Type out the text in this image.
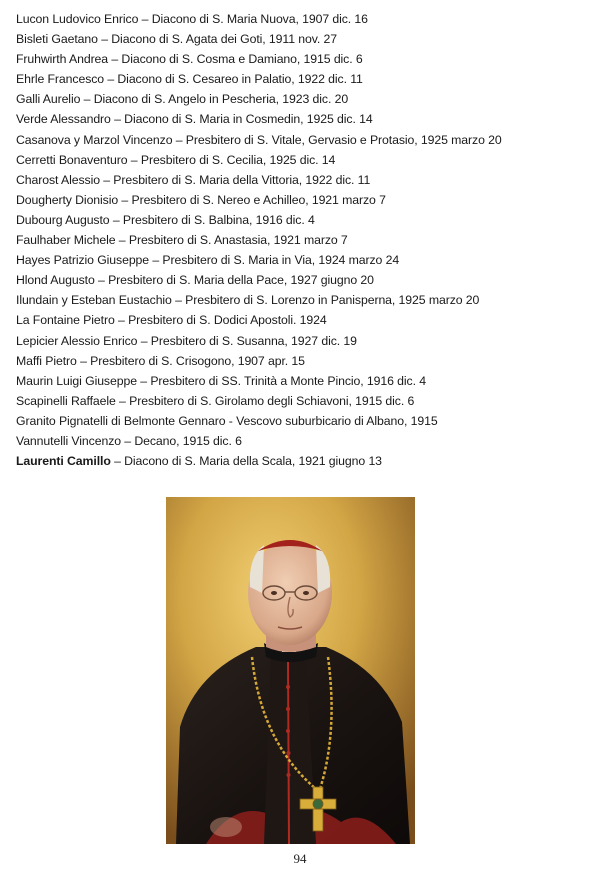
Lucon Ludovico Enrico – Diacono di S. Maria Nuova, 1907 dic. 16
Bisleti Gaetano – Diacono di S. Agata dei Goti, 1911 nov. 27
Fruhwirth Andrea – Diacono di S. Cosma e Damiano, 1915 dic. 6
Ehrle Francesco – Diacono di S. Cesareo in Palatio, 1922 dic. 11
Galli Aurelio – Diacono di S. Angelo in Pescheria, 1923 dic. 20
Verde Alessandro – Diacono di S. Maria in Cosmedin, 1925 dic. 14
Casanova y Marzol Vincenzo – Presbitero di S. Vitale, Gervasio e Protasio, 1925 marzo 20
Cerretti Bonaventuro – Presbitero di S. Cecilia, 1925 dic. 14
Charost Alessio – Presbitero di S. Maria della Vittoria, 1922 dic. 11
Dougherty Dionisio – Presbitero di S. Nereo e Achilleo, 1921 marzo 7
Dubourg Augusto – Presbitero di S. Balbina, 1916 dic. 4
Faulhaber Michele – Presbitero di S. Anastasia, 1921 marzo 7
Hayes Patrizio Giuseppe – Presbitero di S. Maria in Via, 1924 marzo 24
Hlond Augusto – Presbitero di S. Maria della Pace, 1927 giugno 20
Ilundain y Esteban Eustachio – Presbitero di S. Lorenzo in Panisperna, 1925 marzo 20
La Fontaine Pietro – Presbitero di S. Dodici Apostoli. 1924
Lepicier Alessio Enrico – Presbitero di S. Susanna, 1927 dic. 19
Maffi Pietro – Presbitero di S. Crisogono, 1907 apr. 15
Maurin Luigi Giuseppe – Presbitero di SS. Trinità a Monte Pincio, 1916 dic. 4
Scapinelli Raffaele – Presbitero di S. Girolamo degli Schiavoni, 1915 dic. 6
Granito Pignatelli di Belmonte Gennaro - Vescovo suburbicario di Albano, 1915
Vannutelli Vincenzo – Decano, 1915 dic. 6
Laurenti Camillo – Diacono di S. Maria della Scala, 1921 giugno 13
94
